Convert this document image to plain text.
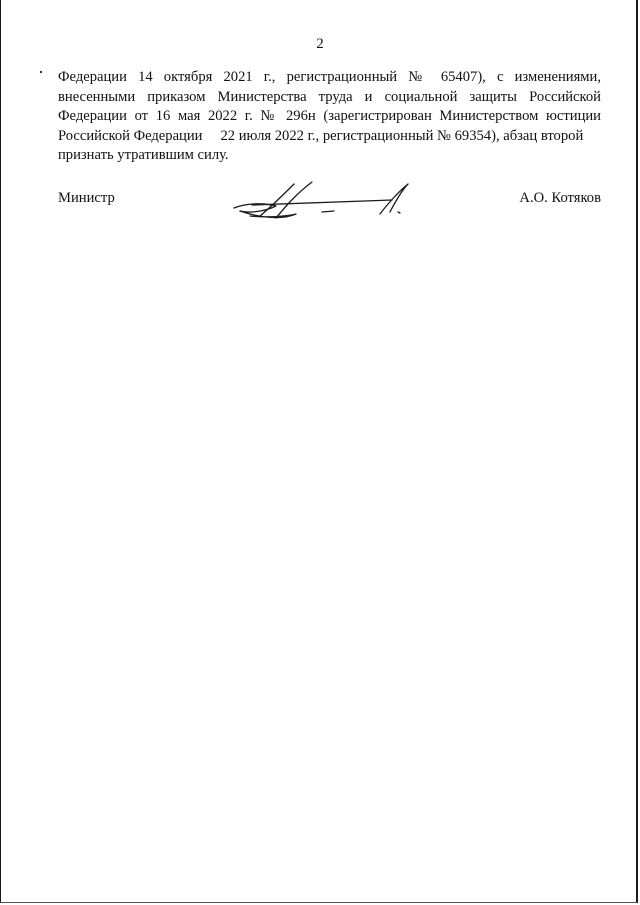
2
Федерации 14 октября 2021 г., регистрационный № 65407), с изменениями,
внесенными приказом Министерства труда и социальной защиты Российской
Федерации от 16 мая 2022 г. № 296н (зарегистрирован Министерством юстиции
Российской Федерации 22 июля 2022 г., регистрационный № 69354), абзац второй
признать утратившим силу.
Министр	А.О. Котяков
